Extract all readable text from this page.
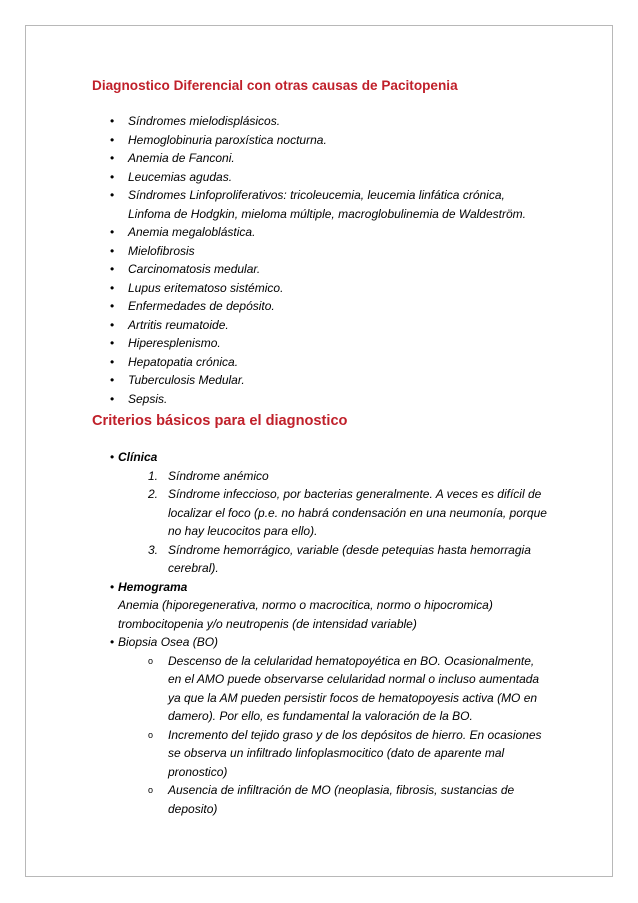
Diagnostico Diferencial con otras causas de Pacitopenia
• Síndromes mielodisplásicos.
• Hemoglobinuria paroxística nocturna.
• Anemia de Fanconi.
• Leucemias agudas.
• Síndromes Linfoproliferativos: tricoleucemia, leucemia linfática crónica, Linfoma de Hodgkin, mieloma múltiple, macroglobulinemia de Waldeström.
• Anemia megaloblástica.
• Mielofibrosis
• Carcinomatosis medular.
• Lupus eritematoso sistémico.
• Enfermedades de depósito.
• Artritis reumatoide.
• Hiperesplenismo.
• Hepatopatia crónica.
• Tuberculosis Medular.
• Sepsis.
Criterios básicos para el diagnostico
• Clínica
1. Síndrome anémico
2. Síndrome infeccioso, por bacterias generalmente. A veces es difícil de localizar el foco (p.e. no habrá condensación en una neumonía, porque no hay leucocitos para ello).
3. Síndrome hemorrágico, variable (desde petequias hasta hemorragia cerebral).
• Hemograma
Anemia (hiporegenerativa, normo o macrocitica, normo o hipocromica) trombocitopenia y/o neutropenis (de intensidad variable)
• Biopsia Osea (BO)
o Descenso de la celularidad hematopoyética en BO. Ocasionalmente, en el AMO puede observarse celularidad normal o incluso aumentada ya que la AM pueden persistir focos de hematopoyesis activa (MO en damero). Por ello, es fundamental la valoración de la BO.
o Incremento del tejido graso y de los depósitos de hierro. En ocasiones se observa un infiltrado linfoplasmocitico (dato de aparente mal pronostico)
o Ausencia de infiltración de MO (neoplasia, fibrosis, sustancias de deposito)
